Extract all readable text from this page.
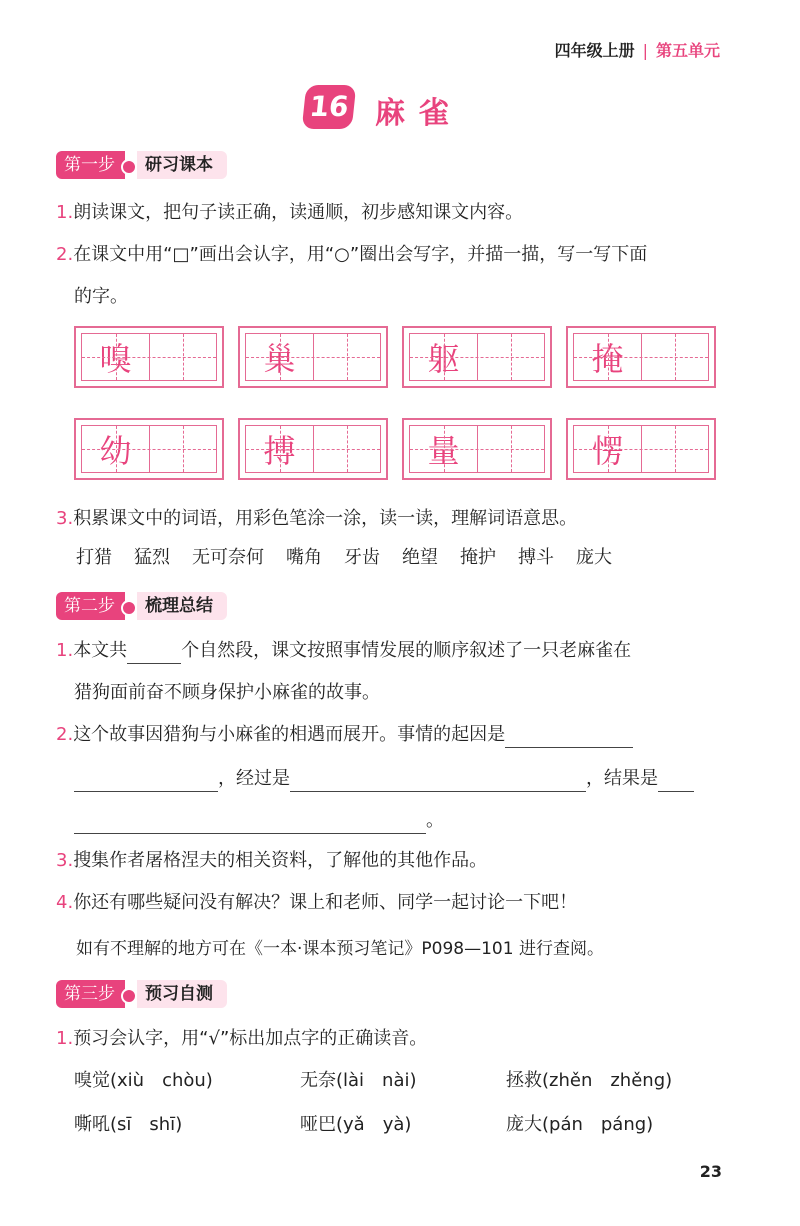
四年级上册 | 第五单元
16 麻雀
第一步 研习课本
1.朗读课文，把句子读正确，读通顺，初步感知课文内容。
2.在课文中用“□”画出会认字，用“○”圈出会写字，并描一描，写一写下面
的字。
嗅	巢	躯	掩
幼	搏	量	愣
3.积累课文中的词语，用彩色笔涂一涂，读一读，理解词语意思。
打猎 猛烈 无可奈何 嘴角 牙齿 绝望 掩护 搏斗 庞大
第二步 梳理总结
1.本文共	个自然段，课文按照事情发展的顺序叙述了一只老麻雀在
猎狗面前奋不顾身保护小麻雀的故事。
2.这个故事因猎狗与小麻雀的相遇而展开。事情的起因是
，经过是	，结果是
。
3.搜集作者屠格涅夫的相关资料，了解他的其他作品。
4.你还有哪些疑问没有解决？课上和老师、同学一起讨论一下吧！
如有不理解的地方可在《一本·课本预习笔记》P098—101 进行查阅。
第三步 预习自测
1.预习会认字，用“√”标出加点字的正确读音。
嗅觉(xiù　chòu)	无奈(lài　nài)	拯救(zhěn　zhěng)
嘶吼(sī　shī)	哑巴(yǎ　yà)	庞大(pán　páng)
23
